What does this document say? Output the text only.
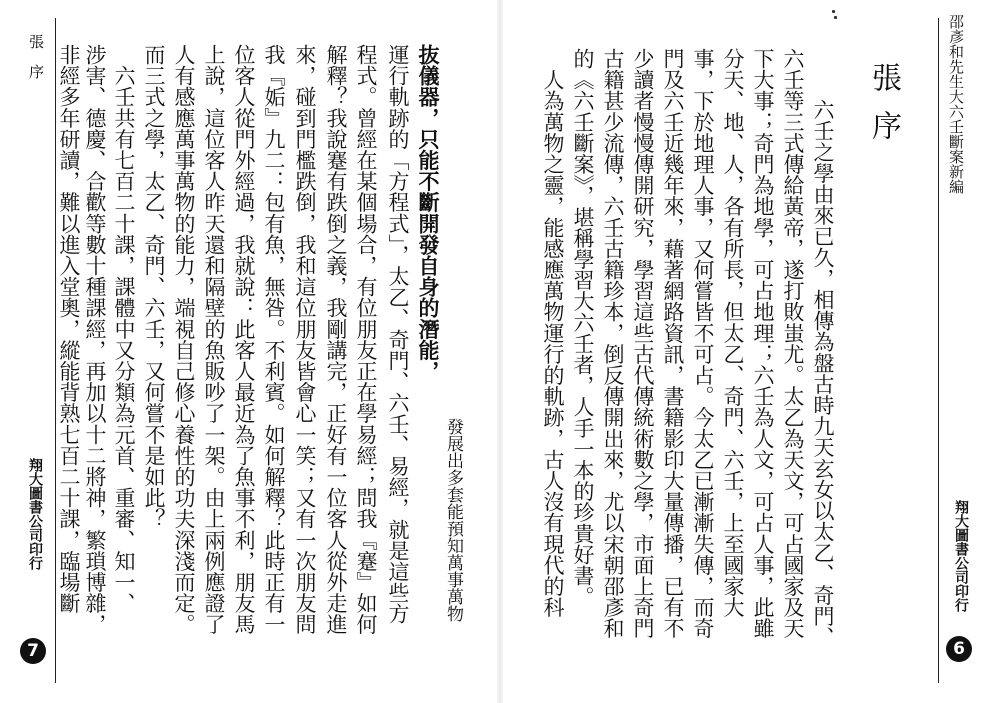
張　序
翔大圖書公司印行
7
抜儀器，只能不斷開發自身的潛能，
發展出多套能預知萬事萬物
運行軌跡的「方程式」，太乙、奇門、六壬、易經，就是這些方
程式。曾經在某個場合，有位朋友正在學易經；問我『蹇』如何
解釋？我說蹇有跌倒之義，我剛講完，正好有一位客人從外走進
來，碰到門檻跌倒，我和這位朋友皆會心一笑；又有一次朋友問
我『姤』九二：包有魚，無咎。不利賓。如何解釋？此時正有一
位客人從門外經過，我就說：此客人最近為了魚事不利，朋友馬
上說，這位客人昨天還和隔壁的魚販吵了一架。由上兩例應證了
人有感應萬事萬物的能力，端視自己修心養性的功夫深淺而定。
而三式之學，太乙、奇門、六壬，又何嘗不是如此？
　六壬共有七百二十課，課體中又分類為元首、重審、知一、
涉害、德慶、合歡等數十種課經，再加以十二將神，繁瑣博雜，
非經多年研讀，難以進入堂奧，縱能背熟七百二十課，臨場斷	邵彥和先生大六壬斷案新編
張序
翔大圖書公司印行
6
　六壬之學由來已久，相傳為盤古時九天玄女以太乙、奇門、
六壬等三式傳給黃帝，遂打敗蚩尤。太乙為天文，可占國家及天
下大事；奇門為地學，可占地理；六壬為人文，可占人事，此雖
分天、地、人，各有所長，但太乙、奇門、六壬，上至國家大
事，下於地理人事，又何嘗皆不可占。今太乙已漸漸失傳，而奇
門及六壬近幾年來，藉著網路資訊，書籍影印大量傳播，已有不
少讀者慢慢傳開研究，學習這些古代傳統術數之學，市面上奇門
古籍甚少流傳，六壬古籍珍本，倒反傳開出來，尤以宋朝邵彥和
的《六壬斷案》，堪稱學習大六壬者，人手一本的珍貴好書。
　人為萬物之靈，能感應萬物運行的軌跡，古人沒有現代的科
